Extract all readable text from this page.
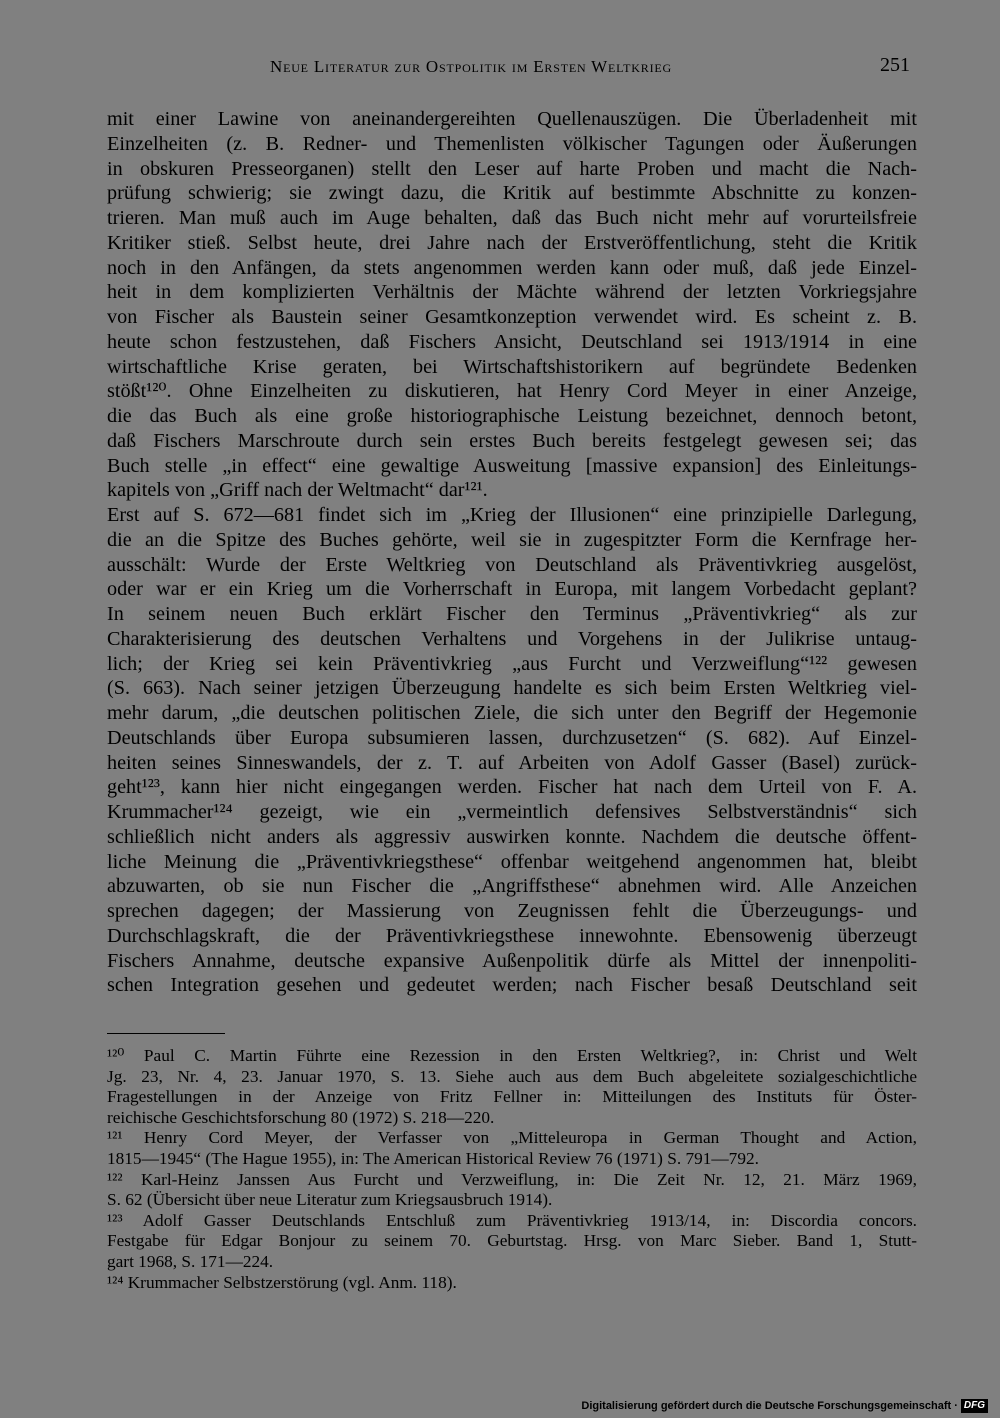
Neue Literatur zur Ostpolitik im Ersten Weltkrieg	251
mit einer Lawine von aneinandergereihten Quellenauszügen. Die Überladenheit mit
Einzelheiten (z. B. Redner- und Themenlisten völkischer Tagungen oder Äußerungen
in obskuren Presseorganen) stellt den Leser auf harte Proben und macht die Nach-
prüfung schwierig; sie zwingt dazu, die Kritik auf bestimmte Abschnitte zu konzen-
trieren. Man muß auch im Auge behalten, daß das Buch nicht mehr auf vorurteilsfreie
Kritiker stieß. Selbst heute, drei Jahre nach der Erstveröffentlichung, steht die Kritik
noch in den Anfängen, da stets angenommen werden kann oder muß, daß jede Einzel-
heit in dem komplizierten Verhältnis der Mächte während der letzten Vorkriegsjahre
von Fischer als Baustein seiner Gesamtkonzeption verwendet wird. Es scheint z. B.
heute schon festzustehen, daß Fischers Ansicht, Deutschland sei 1913/1914 in eine
wirtschaftliche Krise geraten, bei Wirtschaftshistorikern auf begründete Bedenken
stößt¹²⁰. Ohne Einzelheiten zu diskutieren, hat Henry Cord Meyer in einer Anzeige,
die das Buch als eine große historiographische Leistung bezeichnet, dennoch betont,
daß Fischers Marschroute durch sein erstes Buch bereits festgelegt gewesen sei; das
Buch stelle „in effect“ eine gewaltige Ausweitung [massive expansion] des Einleitungs-
kapitels von „Griff nach der Weltmacht“ dar¹²¹.
Erst auf S. 672—681 findet sich im „Krieg der Illusionen“ eine prinzipielle Darlegung,
die an die Spitze des Buches gehörte, weil sie in zugespitzter Form die Kernfrage her-
ausschält: Wurde der Erste Weltkrieg von Deutschland als Präventivkrieg ausgelöst,
oder war er ein Krieg um die Vorherrschaft in Europa, mit langem Vorbedacht geplant?
In seinem neuen Buch erklärt Fischer den Terminus „Präventivkrieg“ als zur
Charakterisierung des deutschen Verhaltens und Vorgehens in der Julikrise untaug-
lich; der Krieg sei kein Präventivkrieg „aus Furcht und Verzweiflung“¹²² gewesen
(S. 663). Nach seiner jetzigen Überzeugung handelte es sich beim Ersten Weltkrieg viel-
mehr darum, „die deutschen politischen Ziele, die sich unter den Begriff der Hegemonie
Deutschlands über Europa subsumieren lassen, durchzusetzen“ (S. 682). Auf Einzel-
heiten seines Sinneswandels, der z. T. auf Arbeiten von Adolf Gasser (Basel) zurück-
geht¹²³, kann hier nicht eingegangen werden. Fischer hat nach dem Urteil von F. A.
Krummacher¹²⁴ gezeigt, wie ein „vermeintlich defensives Selbstverständnis“ sich
schließlich nicht anders als aggressiv auswirken konnte. Nachdem die deutsche öffent-
liche Meinung die „Präventivkriegsthese“ offenbar weitgehend angenommen hat, bleibt
abzuwarten, ob sie nun Fischer die „Angriffsthese“ abnehmen wird. Alle Anzeichen
sprechen dagegen; der Massierung von Zeugnissen fehlt die Überzeugungs- und
Durchschlagskraft, die der Präventivkriegsthese innewohnte. Ebensowenig überzeugt
Fischers Annahme, deutsche expansive Außenpolitik dürfe als Mittel der innenpoliti-
schen Integration gesehen und gedeutet werden; nach Fischer besaß Deutschland seit
¹²⁰ Paul C. Martin Führte eine Rezession in den Ersten Weltkrieg?, in: Christ und Welt
Jg. 23, Nr. 4, 23. Januar 1970, S. 13. Siehe auch aus dem Buch abgeleitete sozialgeschichtliche
Fragestellungen in der Anzeige von Fritz Fellner in: Mitteilungen des Instituts für Öster-
reichische Geschichtsforschung 80 (1972) S. 218—220.
¹²¹ Henry Cord Meyer, der Verfasser von „Mitteleuropa in German Thought and Action,
1815—1945“ (The Hague 1955), in: The American Historical Review 76 (1971) S. 791—792.
¹²² Karl-Heinz Janssen Aus Furcht und Verzweiflung, in: Die Zeit Nr. 12, 21. März 1969,
S. 62 (Übersicht über neue Literatur zum Kriegsausbruch 1914).
¹²³ Adolf Gasser Deutschlands Entschluß zum Präventivkrieg 1913/14, in: Discordia concors.
Festgabe für Edgar Bonjour zu seinem 70. Geburtstag. Hrsg. von Marc Sieber. Band 1, Stutt-
gart 1968, S. 171—224.
¹²⁴ Krummacher Selbstzerstörung (vgl. Anm. 118).
Digitalisierung gefördert durch die Deutsche Forschungsgemeinschaft · DFG
